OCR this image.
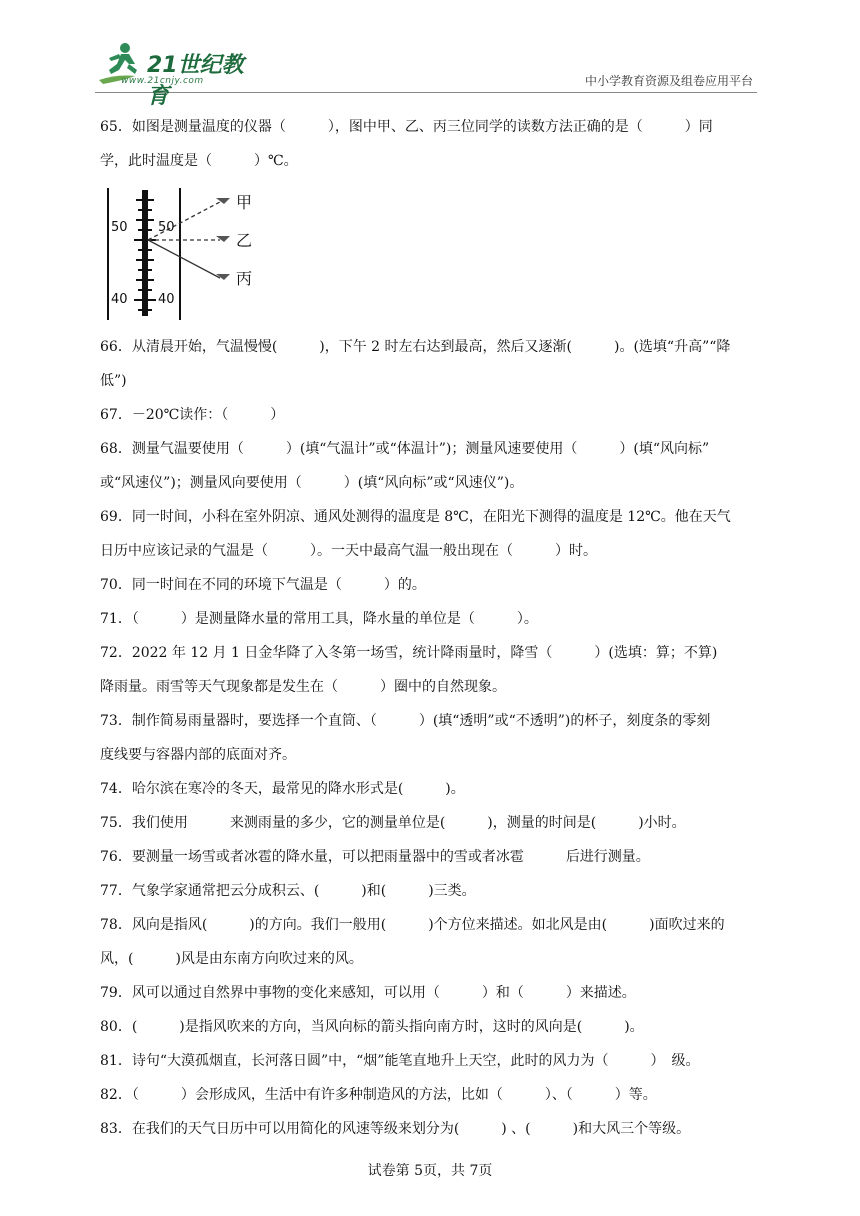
21世纪教育
www.21cnjy.com	中小学教育资源及组卷应用平台

65．如图是测量温度的仪器（　　　），图中甲、乙、丙三位同学的读数方法正确的是（　　　）同

学，此时温度是（　　　）℃。

50 50
40 40
甲
乙
丙

66．从清晨开始，气温慢慢(　　　)，下午 2 时左右达到最高，然后又逐渐(　　　)。(选填“升高”“降

低”)

67．－20℃读作：（　　　）

68．测量气温要使用（　　　）(填“气温计”或“体温计”)；测量风速要使用（　　　）(填“风向标”

或“风速仪”)；测量风向要使用（　　　）(填“风向标”或“风速仪”)。

69．同一时间，小科在室外阴凉、通风处测得的温度是 8℃，在阳光下测得的温度是 12℃。他在天气

日历中应该记录的气温是（　　　）。一天中最高气温一般出现在（　　　）时。

70．同一时间在不同的环境下气温是（　　　）的。

71．（　　　）是测量降水量的常用工具，降水量的单位是（　　　）。

72．2022 年 12 月 1 日金华降了入冬第一场雪，统计降雨量时，降雪（　　　）(选填：算；不算)

降雨量。雨雪等天气现象都是发生在（　　　）圈中的自然现象。

73．制作简易雨量器时，要选择一个直筒、（　　　）(填“透明”或“不透明”)的杯子，刻度条的零刻

度线要与容器内部的底面对齐。

74．哈尔滨在寒冷的冬天，最常见的降水形式是(　　　)。

75．我们使用　　　来测雨量的多少，它的测量单位是(　　　)，测量的时间是(　　　)小时。

76．要测量一场雪或者冰雹的降水量，可以把雨量器中的雪或者冰雹　　　后进行测量。

77．气象学家通常把云分成积云、(　　　)和(　　　)三类。

78．风向是指风(　　　)的方向。我们一般用(　　　)个方位来描述。如北风是由(　　　)面吹过来的

风，(　　　)风是由东南方向吹过来的风。

79．风可以通过自然界中事物的变化来感知，可以用（　　　）和（　　　）来描述。

80．(　　　)是指风吹来的方向，当风向标的箭头指向南方时，这时的风向是(　　　)。

81．诗句“大漠孤烟直，长河落日圆”中，“烟”能笔直地升上天空，此时的风力为（　　　）　级。

82．（　　　）会形成风，生活中有许多种制造风的方法，比如（　　　）、（　　　）等。

83．在我们的天气日历中可以用简化的风速等级来划分为(　　　) 、(　　　)和大风三个等级。

试卷第 5页，共 7页
